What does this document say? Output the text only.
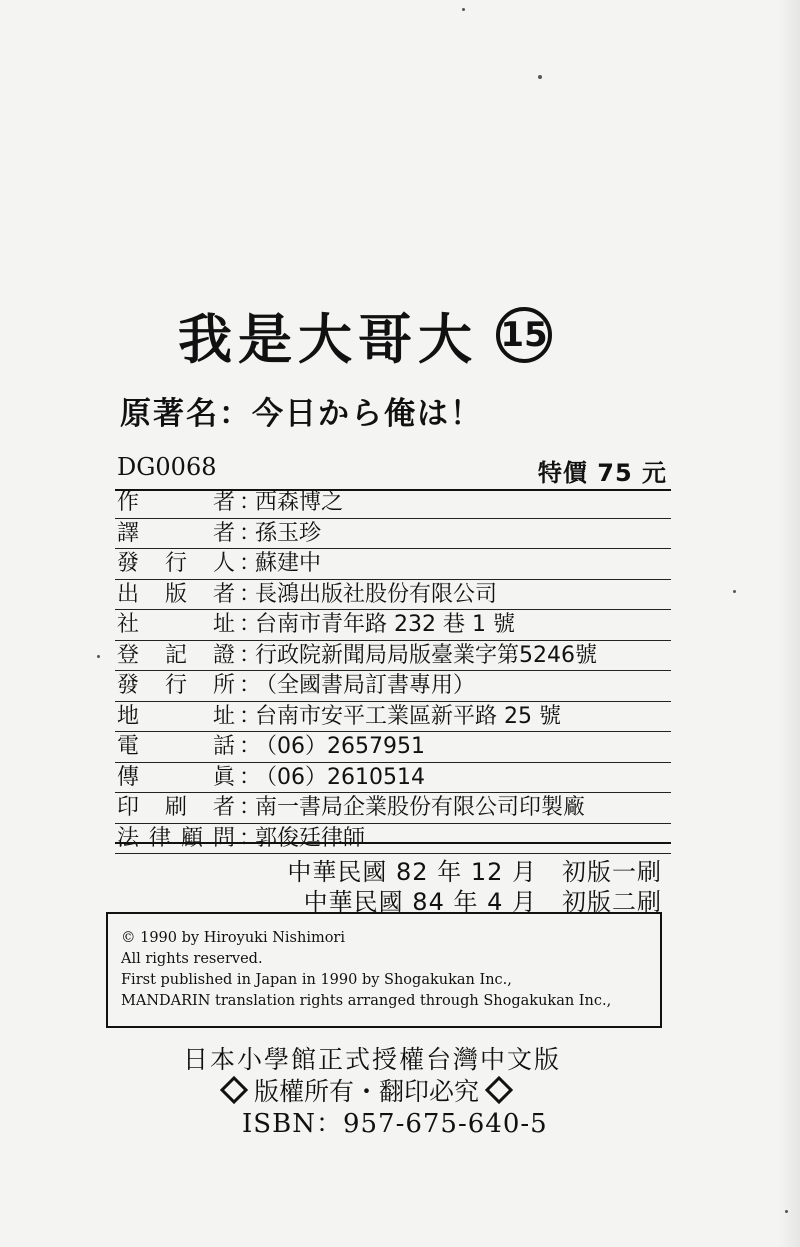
我是大哥大 15
原著名：今日から俺は！
DG0068	特價 75 元
作	者 ：
西森博之
譯	者 ：
孫玉珍
發 行 人 ：
蘇建中
出 版 者 ：
長鴻出版社股份有限公司
社	址 ：
台南市青年路 232 巷 1 號
登 記 證 ：
行政院新聞局局版臺業字第5246號
發 行 所 ：
（全國書局訂書專用）
地	址 ：
台南市安平工業區新平路 25 號
電	話 ：
（06）2657951
傳	眞 ：
（06）2610514
印 刷 者 ：
南一書局企業股份有限公司印製廠
法 律 顧 問 ：
郭俊廷律師
中華民國 82 年 12 月　初版一刷
中華民國 84 年 4 月　初版二刷
© 1990 by Hiroyuki Nishimori
All rights reserved.
First published in Japan in 1990 by Shogakukan Inc.,
MANDARIN translation rights arranged through Shogakukan Inc.,
日本小學館正式授權台灣中文版
版權所有・翻印必究
ISBN：957-675-640-5
